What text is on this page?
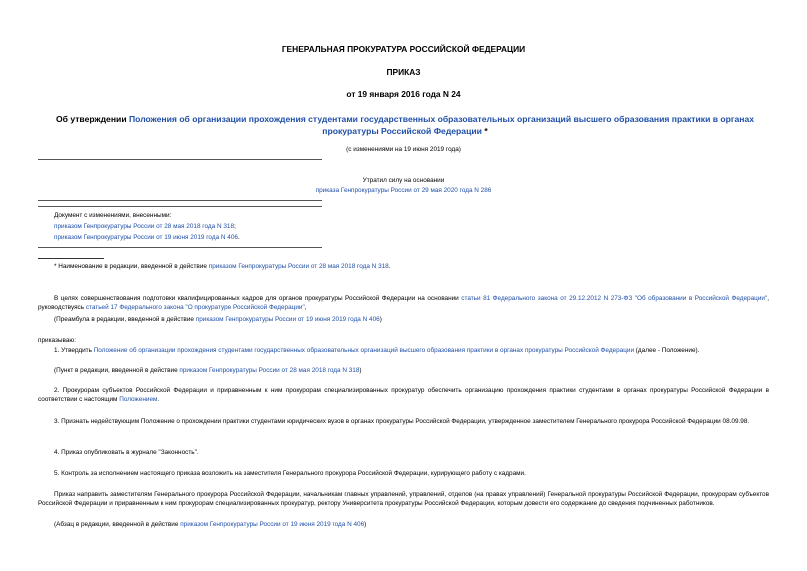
ГЕНЕРАЛЬНАЯ ПРОКУРАТУРА РОССИЙСКОЙ ФЕДЕРАЦИИ
ПРИКАЗ
от 19 января 2016 года N 24
Об утверждении Положения об организации прохождения студентами государственных образовательных организаций высшего образования практики в органах прокуратуры Российской Федерации *
(с изменениями на 19 июня 2019 года)
Утратил силу на основании
приказа Генпрокуратуры России от 29 мая 2020 года N 286
Документ с изменениями, внесенными:
приказом Генпрокуратуры России от 28 мая 2018 года N 318;
приказом Генпрокуратуры России от 19 июня 2019 года N 406.
* Наименование в редакции, введенной в действие приказом Генпрокуратуры России от 28 мая 2018 года N 318.
В целях совершенствования подготовки квалифицированных кадров для органов прокуратуры Российской Федерации на основании статьи 81 Федерального закона от 29.12.2012 N 273-ФЗ "Об образовании в Российской Федерации", руководствуясь статьей 17 Федерального закона "О прокуратуре Российской Федерации",
(Преамбула в редакции, введенной в действие приказом Генпрокуратуры России от 19 июня 2019 года N 406)
приказываю:
1. Утвердить Положение об организации прохождения студентами государственных образовательных организаций высшего образования практики в органах прокуратуры Российской Федерации (далее - Положение).
(Пункт в редакции, введенной в действие приказом Генпрокуратуры России от 28 мая 2018 года N 318)
2. Прокурорам субъектов Российской Федерации и приравненным к ним прокурорам специализированных прокуратур обеспечить организацию прохождения практики студентами в органах прокуратуры Российской Федерации в соответствии с настоящим Положением.
3. Признать недействующим Положение о прохождении практики студентами юридических вузов в органах прокуратуры Российской Федерации, утвержденное заместителем Генерального прокурора Российской Федерации 08.09.98.
4. Приказ опубликовать в журнале "Законность".
5. Контроль за исполнением настоящего приказа возложить на заместителя Генерального прокурора Российской Федерации, курирующего работу с кадрами.
Приказ направить заместителям Генерального прокурора Российской Федерации, начальникам главных управлений, управлений, отделов (на правах управлений) Генеральной прокуратуры Российской Федерации, прокурорам субъектов Российской Федерации и приравненным к ним прокурорам специализированных прокуратур, ректору Университета прокуратуры Российской Федерации, которым довести его содержание до сведения подчиненных работников.
(Абзац в редакции, введенной в действие приказом Генпрокуратуры России от 19 июня 2019 года N 406)
